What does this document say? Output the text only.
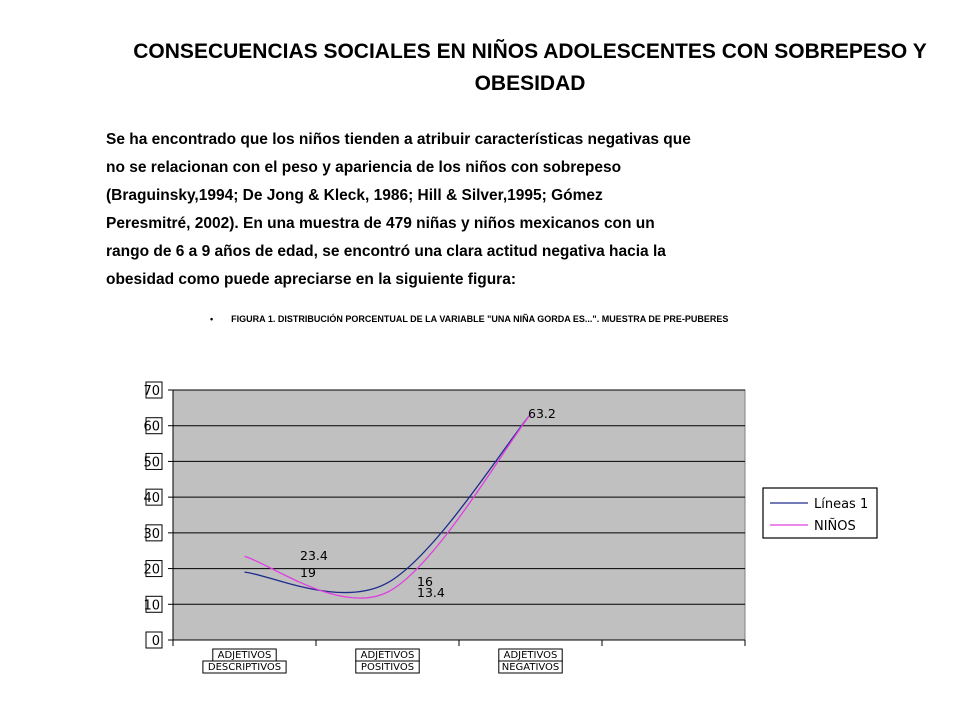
CONSECUENCIAS SOCIALES EN NIÑOS ADOLESCENTES CON SOBREPESO Y OBESIDAD
Se ha encontrado que los niños tienden a atribuir características negativas que
no se relacionan con el peso y apariencia de los niños con sobrepeso
(Braguinsky,1994; De Jong & Kleck, 1986; Hill & Silver,1995; Gómez
Peresmitré, 2002). En una muestra de 479 niñas y niños mexicanos con un
rango de 6 a 9 años de edad, se encontró una clara actitud negativa hacia la
obesidad como puede apreciarse en la siguiente figura:
• FIGURA 1. DISTRIBUCIÓN PORCENTUAL DE LA VARIABLE "UNA NIÑA GORDA ES...". MUESTRA DE PRE-PUBERES
0
10
20
30
40
50
60
70
ADJETIVOS
DESCRIPTIVOS
ADJETIVOS
POSITIVOS
ADJETIVOS
NEGATIVOS
19
16
23.4
13.4
63.2
Líneas 1
NIÑOS
